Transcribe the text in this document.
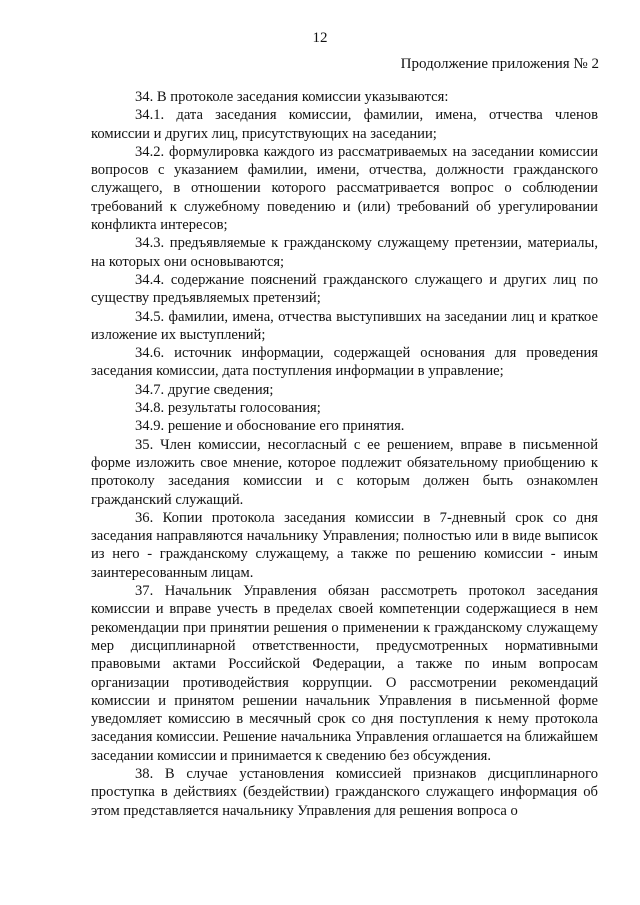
12
Продолжение приложения № 2

34. В протоколе заседания комиссии указываются:

34.1. дата заседания комиссии, фамилии, имена, отчества членов комиссии и других лиц, присутствующих на заседании;

34.2. формулировка каждого из рассматриваемых на заседании комиссии вопросов с указанием фамилии, имени, отчества, должности гражданского служащего, в отношении которого рассматривается вопрос о соблюдении требований к служебному поведению и (или) требований об урегулировании конфликта интересов;

34.3. предъявляемые к гражданскому служащему претензии, материалы, на которых они основываются;

34.4. содержание пояснений гражданского служащего и других лиц по существу предъявляемых претензий;

34.5. фамилии, имена, отчества выступивших на заседании лиц и краткое изложение их выступлений;

34.6. источник информации, содержащей основания для проведения заседания комиссии, дата поступления информации в управление;

34.7. другие сведения;

34.8. результаты голосования;

34.9. решение и обоснование его принятия.

35. Член комиссии, несогласный с ее решением, вправе в письменной форме изложить свое мнение, которое подлежит обязательному приобщению к протоколу заседания комиссии и с которым должен быть ознакомлен гражданский служащий.

36. Копии протокола заседания комиссии в 7-дневный срок со дня заседания направляются начальнику Управления; полностью или в виде выписок из него - гражданскому служащему, а также по решению комиссии - иным заинтересованным лицам.

37. Начальник Управления обязан рассмотреть протокол заседания комиссии и вправе учесть в пределах своей компетенции содержащиеся в нем рекомендации при принятии решения о применении к гражданскому служащему мер дисциплинарной ответственности, предусмотренных нормативными правовыми актами Российской Федерации, а также по иным вопросам организации противодействия коррупции. О рассмотрении рекомендаций комиссии и принятом решении начальник Управления в письменной форме уведомляет комиссию в месячный срок со дня поступления к нему протокола заседания комиссии. Решение начальника Управления оглашается на ближайшем заседании комиссии и принимается к сведению без обсуждения.

38. В случае установления комиссией признаков дисциплинарного проступка в действиях (бездействии) гражданского служащего информация об этом представляется начальнику Управления для решения вопроса о
